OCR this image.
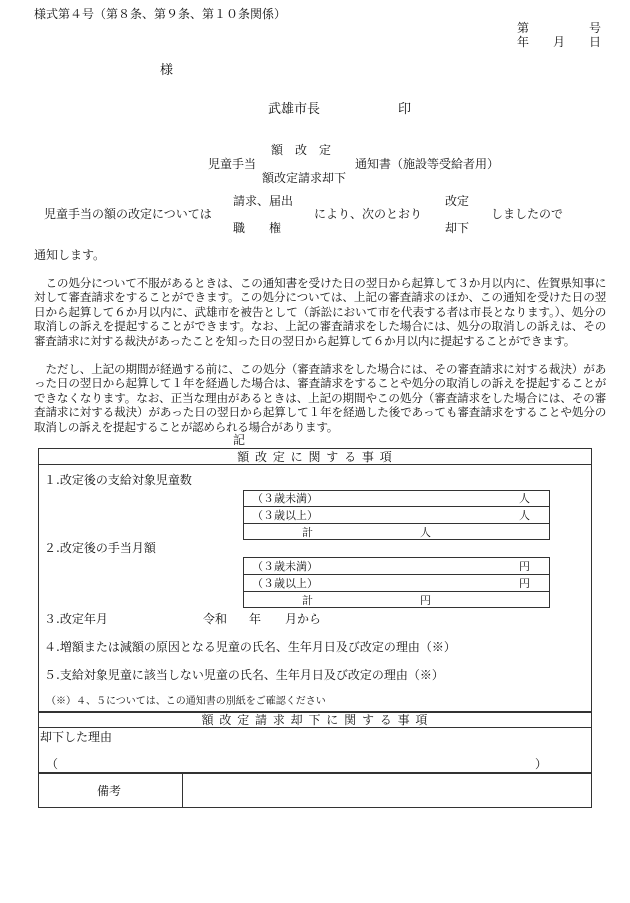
様式第４号（第８条、第９条、第１０条関係）
第	号
年 月 日
様
武雄市長	印
額　改　定
児童手当	通知書（施設等受給者用）
額改定請求却下
児童手当の額の改定については
請求、届出
職　　権
により、次のとおり
改定
却下
しましたので
通知します。
　この処分について不服があるときは、この通知書を受けた日の翌日から起算して３か月以内に、佐賀県知事に対して審査請求をすることができます。この処分については、上記の審査請求のほか、この通知を受けた日の翌日から起算して６か月以内に、武雄市を被告として（訴訟において市を代表する者は市長となります。）、処分の取消しの訴えを提起することができます。なお、上記の審査請求をした場合には、処分の取消しの訴えは、その審査請求に対する裁決があったことを知った日の翌日から起算して６か月以内に提起することができます。
　ただし、上記の期間が経過する前に、この処分（審査請求をした場合には、その審査請求に対する裁決）があった日の翌日から起算して１年を経過した場合は、審査請求をすることや処分の取消しの訴えを提起することができなくなります。なお、正当な理由があるときは、上記の期間やこの処分（審査請求をした場合には、その審査請求に対する裁決）があった日の翌日から起算して１年を経過した後であっても審査請求をすることや処分の取消しの訴えを提起することが認められる場合があります。
記
額 改 定 に 関 す る 事 項
１.改定後の支給対象児童数
（３歳未満）	人
（３歳以上）	人
計	人
２.改定後の手当月額
（３歳未満）	円
（３歳以上）	円
計	円
３.改定年月	令和 年 月から
４.増額または減額の原因となる児童の氏名、生年月日及び改定の理由（※）
５.支給対象児童に該当しない児童の氏名、生年月日及び改定の理由（※）
（※）４、５については、この通知書の別紙をご確認ください
額 改 定 請 求 却 下 に 関 す る 事 項
却下した理由
（	）
備考
